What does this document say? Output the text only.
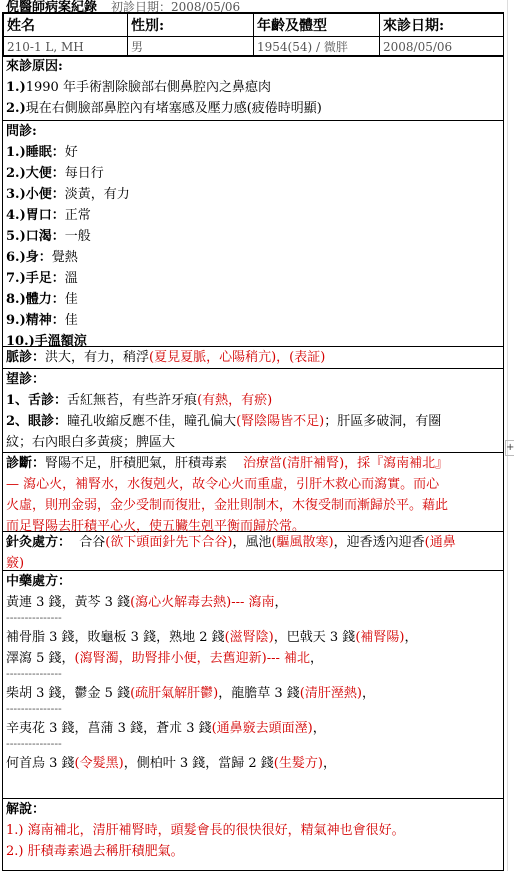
倪醫師病案紀錄 初診日期：2008/05/06
姓名	性別:	年齡及體型	來診日期:
210-1 L, MH	男	1954(54) / 微胖	2008/05/06
來診原因:
1.)1990 年手術割除臉部右側鼻腔內之鼻瘜肉
2.)現在右側臉部鼻腔內有堵塞感及壓力感(疲倦時明顯)
問診:
1.)睡眠：好
2.)大便：每日行
3.)小便：淡黃，有力
4.)胃口：正常
5.)口渴：一般
6.)身：覺熱
7.)手足：溫
8.)體力：佳
9.)精神：佳
10.)手溫額涼
脈診：洪大，有力，稍浮(夏見夏脈，心陽稍亢)，(表証)
望診：
1、舌診：舌紅無苔，有些許牙痕(有熱，有瘀)
2、眼診：瞳孔收縮反應不佳，瞳孔偏大(腎陰陽皆不足)；肝區多破洞，有圈
紋；右內眼白多黃痰；脾區大
診斷：腎陽不足，肝積肥氣，肝積毒素 治療當(清肝補腎)，採『瀉南補北』
— 瀉心火，補腎水，水復剋火，故令心火而重虛，引肝木救心而瀉實。而心
火虛，則刑金弱，金少受制而復壯，金壯則制木，木復受制而漸歸於平。藉此
而足腎陽去肝積平心火，使五臟生剋平衡而歸於常。
針灸處方： 合谷(欲下頭面針先下合谷)，風池(驅風散寒)，迎香透內迎香(通鼻
竅)
中藥處方：
黃連 3 錢，黃芩 3 錢(瀉心火解毒去熱)--- 瀉南，
---------------
補骨脂 3 錢，敗龜板 3 錢，熟地 2 錢(滋腎陰)，巴戟天 3 錢(補腎陽)，
澤瀉 5 錢，(瀉腎濁，助腎排小便，去舊迎新)--- 補北，
---------------
柴胡 3 錢，鬱金 5 錢(疏肝氣解肝鬱)，龍膽草 3 錢(清肝溼熱)，
---------------
辛夷花 3 錢，菖蒲 3 錢，蒼朮 3 錢(通鼻竅去頭面溼)，
---------------
何首烏 3 錢(令髮黑)，側柏叶 3 錢，當歸 2 錢(生髮方)，
解說：
1.) 瀉南補北，清肝補腎時，頭髮會長的很快很好，精氣神也會很好。
2.) 肝積毒素過去稱肝積肥氣。
+
